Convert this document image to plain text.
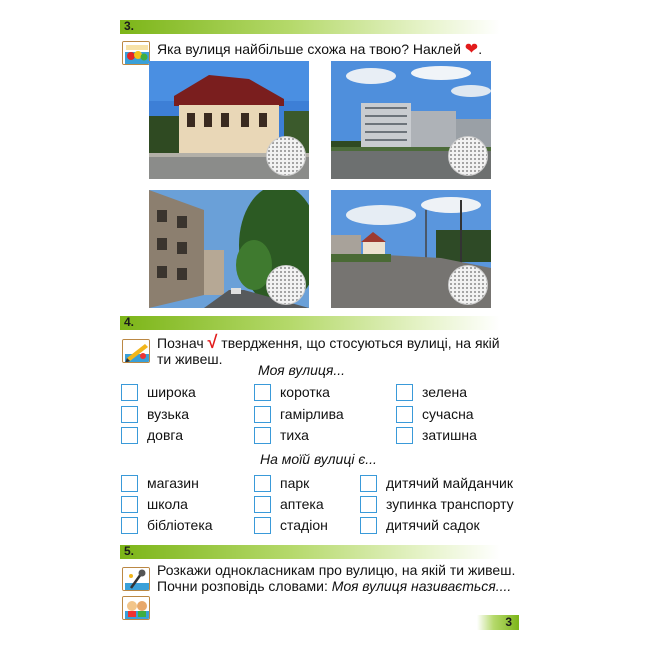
3.
Яка вулиця найбільше схожа на твою? Наклей ❤.
4.
Познач √ твердження, що стосуються вулиці, на якій ти живеш.
Моя вулиця...
широка
вузька
довга
коротка
гамірлива
тиха
зелена
сучасна
затишна
На моїй вулиці є...
магазин
школа
бібліотека
парк
аптека
стадіон
дитячий майданчик
зупинка транспорту
дитячий садок
5.
Розкажи однокласникам про вулицю, на якій ти живеш.
Почни розповідь словами: Моя вулиця називається....
3
